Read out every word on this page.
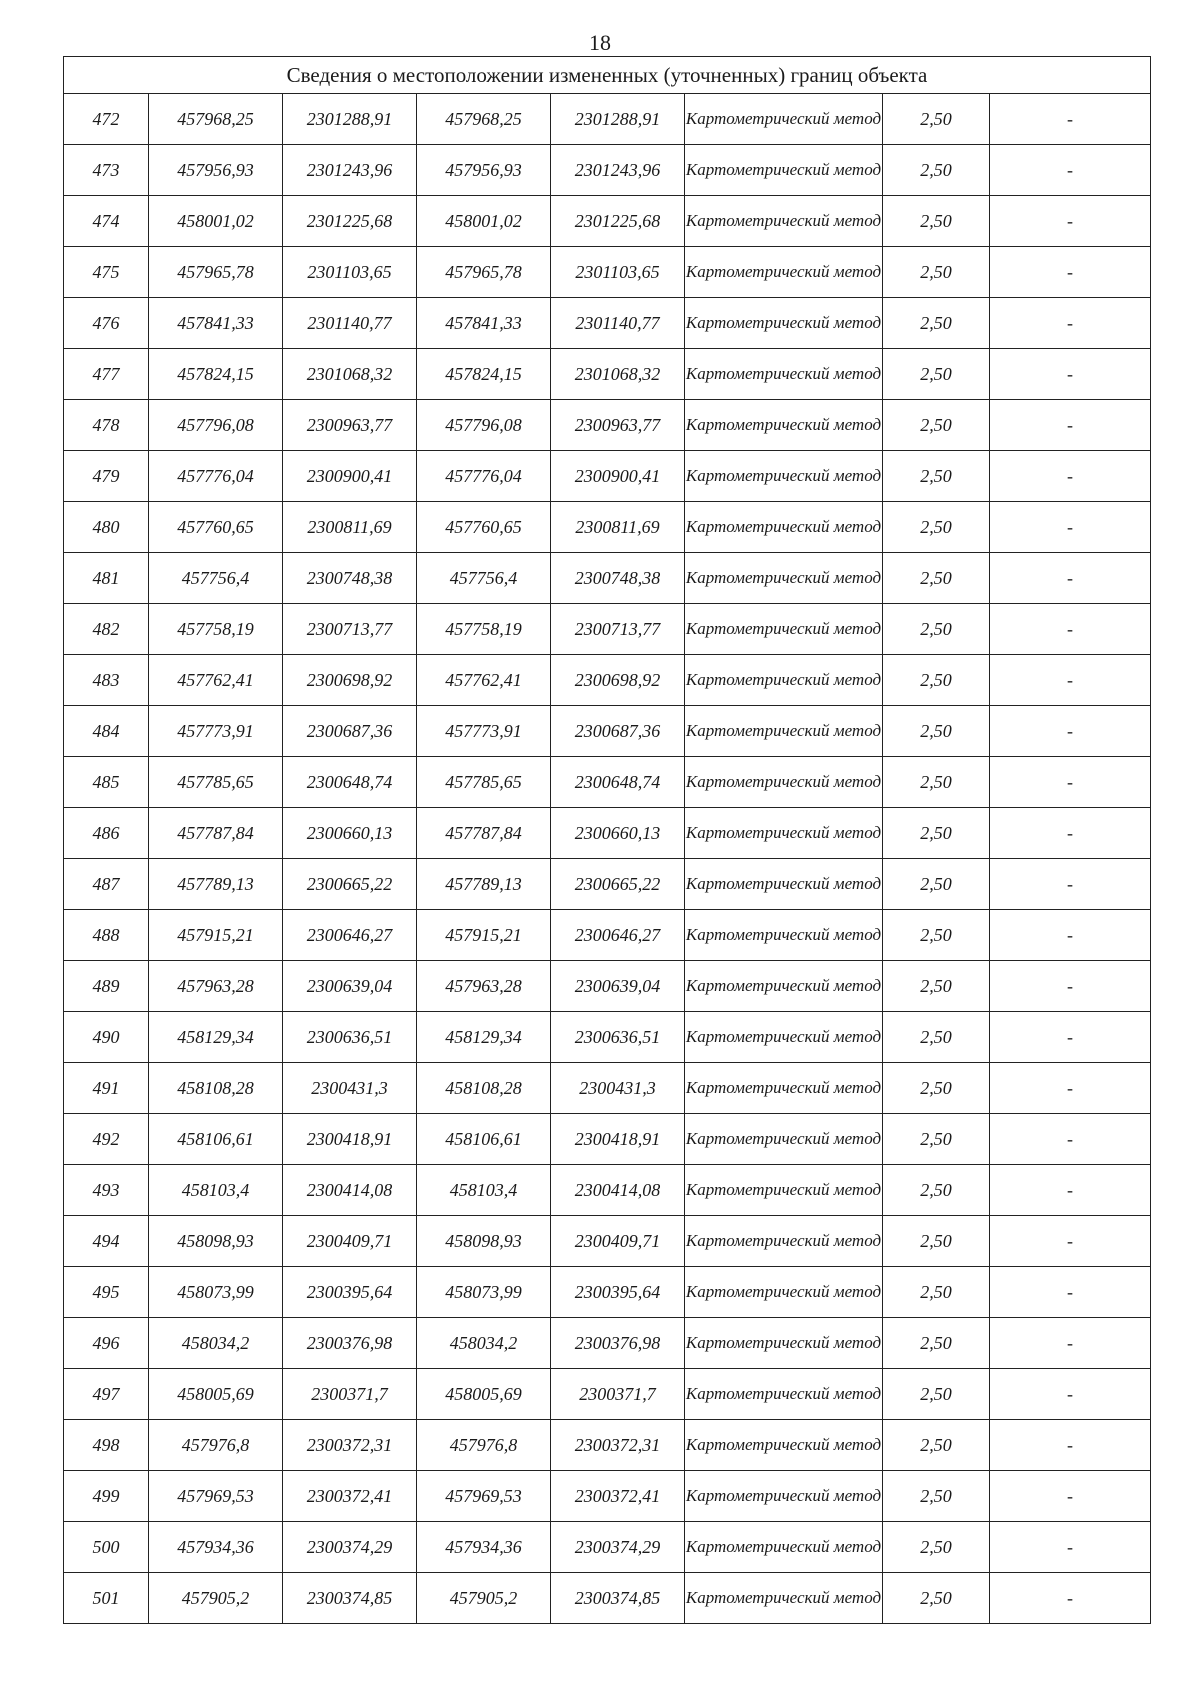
18
Сведения о местоположении измененных (уточненных) границ объекта							
472	457968,25	2301288,91	457968,25	2301288,91	Картометрический метод	2,50	-
473	457956,93	2301243,96	457956,93	2301243,96	Картометрический метод	2,50	-
474	458001,02	2301225,68	458001,02	2301225,68	Картометрический метод	2,50	-
475	457965,78	2301103,65	457965,78	2301103,65	Картометрический метод	2,50	-
476	457841,33	2301140,77	457841,33	2301140,77	Картометрический метод	2,50	-
477	457824,15	2301068,32	457824,15	2301068,32	Картометрический метод	2,50	-
478	457796,08	2300963,77	457796,08	2300963,77	Картометрический метод	2,50	-
479	457776,04	2300900,41	457776,04	2300900,41	Картометрический метод	2,50	-
480	457760,65	2300811,69	457760,65	2300811,69	Картометрический метод	2,50	-
481	457756,4	2300748,38	457756,4	2300748,38	Картометрический метод	2,50	-
482	457758,19	2300713,77	457758,19	2300713,77	Картометрический метод	2,50	-
483	457762,41	2300698,92	457762,41	2300698,92	Картометрический метод	2,50	-
484	457773,91	2300687,36	457773,91	2300687,36	Картометрический метод	2,50	-
485	457785,65	2300648,74	457785,65	2300648,74	Картометрический метод	2,50	-
486	457787,84	2300660,13	457787,84	2300660,13	Картометрический метод	2,50	-
487	457789,13	2300665,22	457789,13	2300665,22	Картометрический метод	2,50	-
488	457915,21	2300646,27	457915,21	2300646,27	Картометрический метод	2,50	-
489	457963,28	2300639,04	457963,28	2300639,04	Картометрический метод	2,50	-
490	458129,34	2300636,51	458129,34	2300636,51	Картометрический метод	2,50	-
491	458108,28	2300431,3	458108,28	2300431,3	Картометрический метод	2,50	-
492	458106,61	2300418,91	458106,61	2300418,91	Картометрический метод	2,50	-
493	458103,4	2300414,08	458103,4	2300414,08	Картометрический метод	2,50	-
494	458098,93	2300409,71	458098,93	2300409,71	Картометрический метод	2,50	-
495	458073,99	2300395,64	458073,99	2300395,64	Картометрический метод	2,50	-
496	458034,2	2300376,98	458034,2	2300376,98	Картометрический метод	2,50	-
497	458005,69	2300371,7	458005,69	2300371,7	Картометрический метод	2,50	-
498	457976,8	2300372,31	457976,8	2300372,31	Картометрический метод	2,50	-
499	457969,53	2300372,41	457969,53	2300372,41	Картометрический метод	2,50	-
500	457934,36	2300374,29	457934,36	2300374,29	Картометрический метод	2,50	-
501	457905,2	2300374,85	457905,2	2300374,85	Картометрический метод	2,50	-
